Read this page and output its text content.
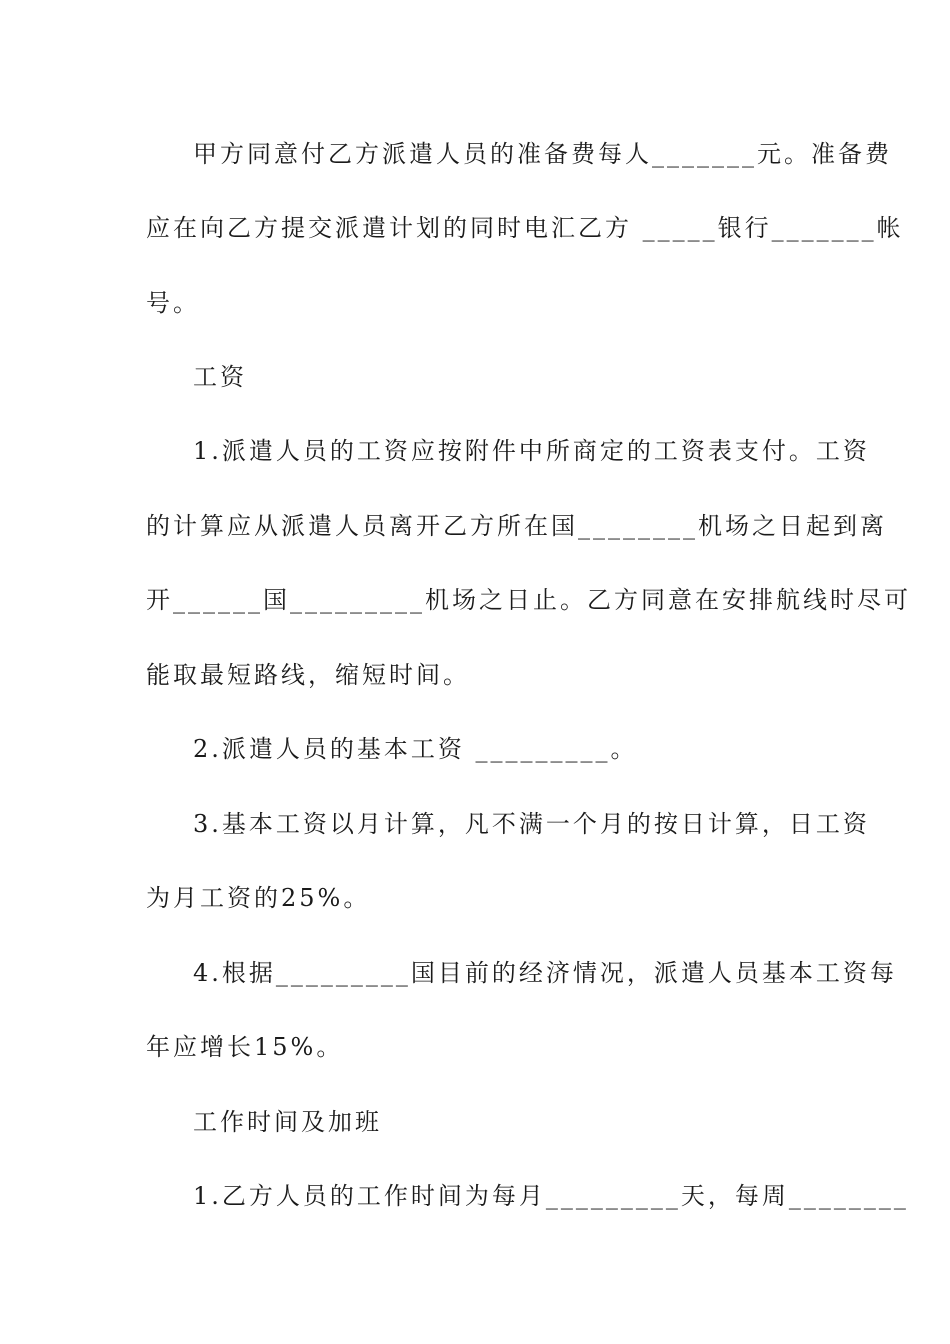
甲方同意付乙方派遣人员的准备费每人_______元。准备费
应在向乙方提交派遣计划的同时电汇乙方 _____银行_______帐
号。
工资
1.派遣人员的工资应按附件中所商定的工资表支付。工资
的计算应从派遣人员离开乙方所在国________机场之日起到离
开______国_________机场之日止。乙方同意在安排航线时尽可
能取最短路线，缩短时间。
2.派遣人员的基本工资 _________。
3.基本工资以月计算，凡不满一个月的按日计算，日工资
为月工资的25%。
4.根据_________国目前的经济情况，派遣人员基本工资每
年应增长15%。
工作时间及加班
1.乙方人员的工作时间为每月_________天，每周________
